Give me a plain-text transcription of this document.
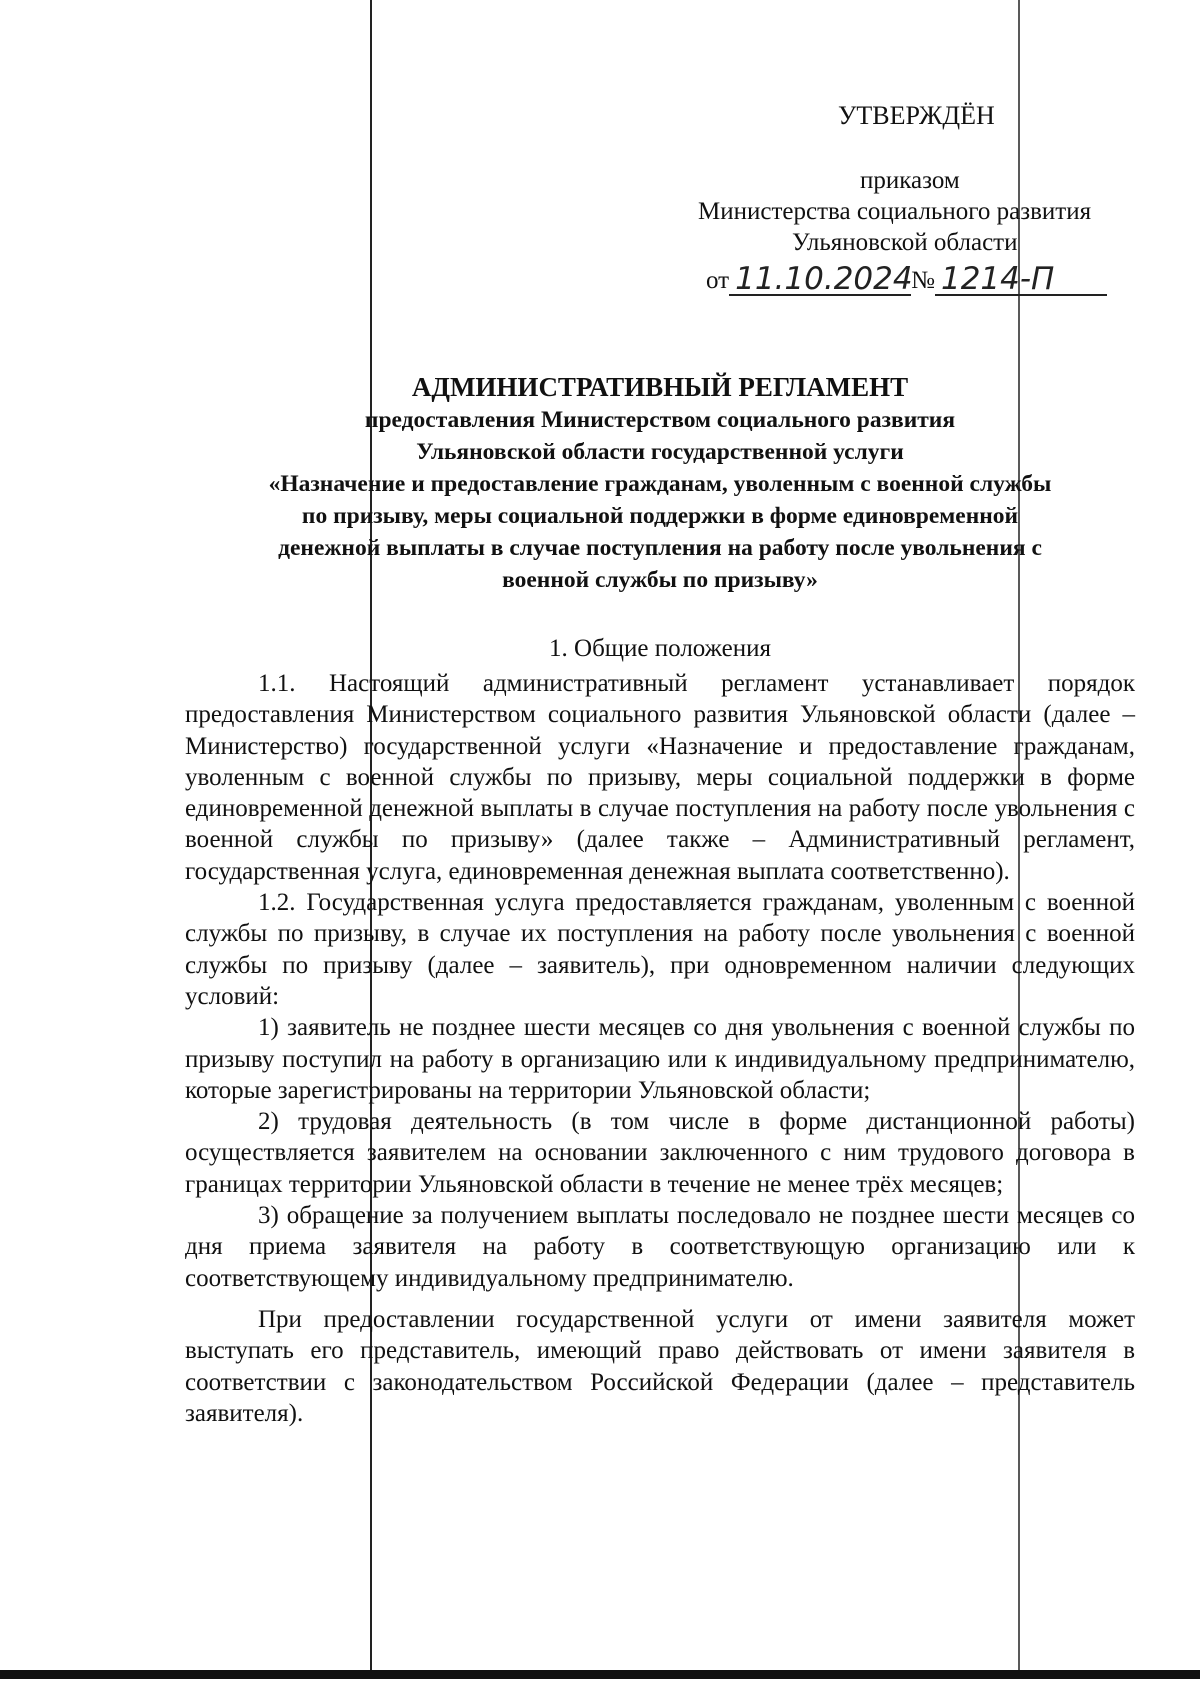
УТВЕРЖДЁН
приказом
Министерства социального развития
Ульяновской области
от 11.10.2024
№ 1214-П
АДМИНИСТРАТИВНЫЙ РЕГЛАМЕНТ
предоставления Министерством социального развития
Ульяновской области государственной услуги
«Назначение и предоставление гражданам, уволенным с военной службы
по призыву, меры социальной поддержки в форме единовременной
денежной выплаты в случае поступления на работу после увольнения с
военной службы по призыву»
1. Общие положения

1.1. Настоящий административный регламент устанавливает порядок предоставления Министерством социального развития Ульяновской области (далее – Министерство) государственной услуги «Назначение и предоставление гражданам, уволенным с военной службы по призыву, меры социальной поддержки в форме единовременной денежной выплаты в случае поступления на работу после увольнения с военной службы по призыву» (далее также – Административный регламент, государственная услуга, единовременная денежная выплата соответственно).

1.2. Государственная услуга предоставляется гражданам, уволенным с военной службы по призыву, в случае их поступления на работу после увольнения с военной службы по призыву (далее – заявитель), при одновременном наличии следующих условий:

1) заявитель не позднее шести месяцев со дня увольнения с военной службы по призыву поступил на работу в организацию или к индивидуальному предпринимателю, которые зарегистрированы на территории Ульяновской области;

2) трудовая деятельность (в том числе в форме дистанционной работы) осуществляется заявителем на основании заключенного с ним трудового договора в границах территории Ульяновской области в течение не менее трёх месяцев;

3) обращение за получением выплаты последовало не позднее шести месяцев со дня приема заявителя на работу в соответствующую организацию или к соответствующему индивидуальному предпринимателю.

При предоставлении государственной услуги от имени заявителя может выступать его представитель, имеющий право действовать от имени заявителя в соответствии с законодательством Российской Федерации (далее – представитель заявителя).
